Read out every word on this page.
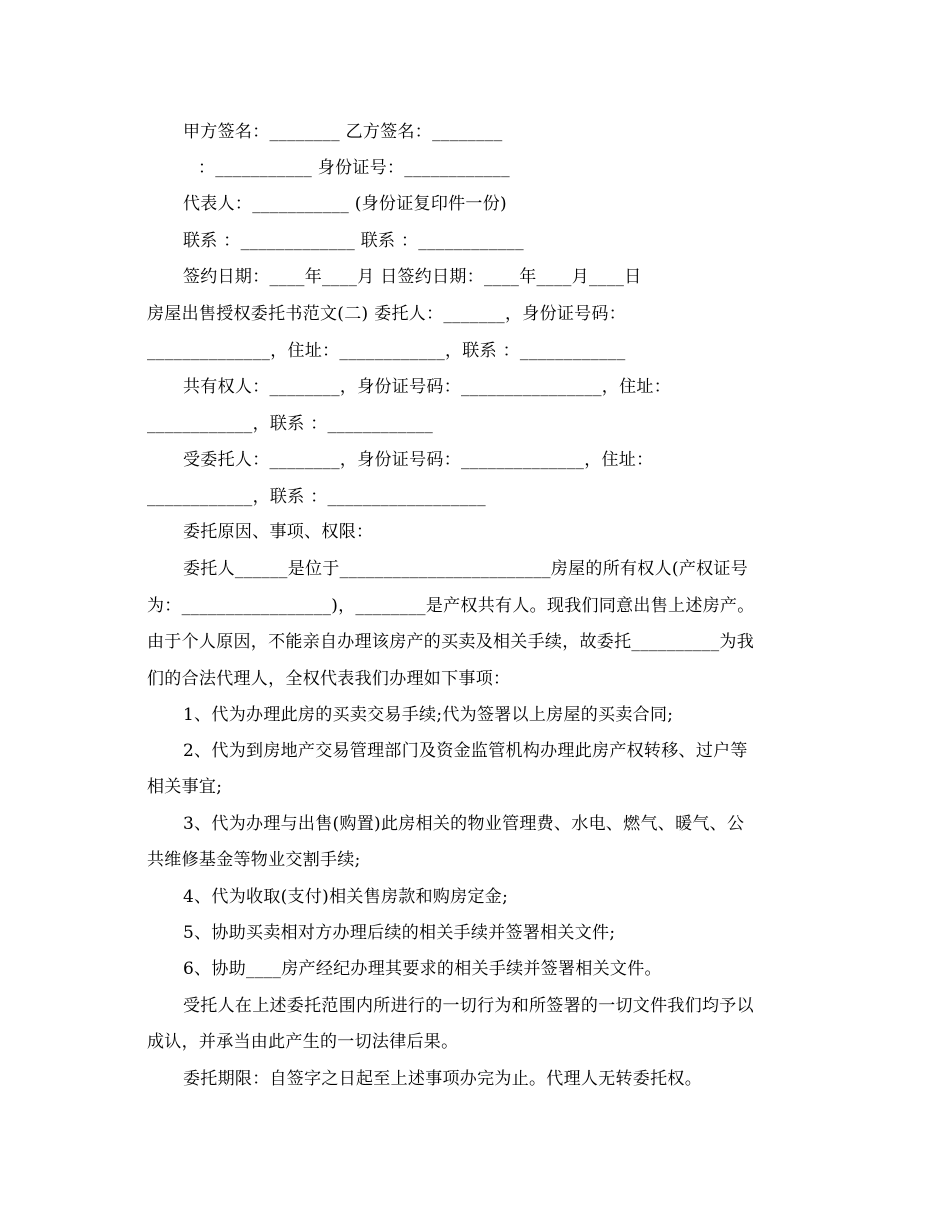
甲方签名：________ 乙方签名：________
：___________ 身份证号：____________
代表人：___________ (身份证复印件一份)
联系 ：_____________ 联系 ：____________
签约日期：____年____月 日签约日期：____年____月____日
房屋出售授权委托书范文(二) 委托人：_______，身份证号码：
______________，住址：____________，联系 ：____________
共有权人：________，身份证号码：________________，住址：
____________，联系 ：____________
受委托人：________，身份证号码：______________，住址：
____________，联系 ：__________________
委托原因、事项、权限：
委托人______是位于________________________房屋的所有权人(产权证号
为：_________________)，________是产权共有人。现我们同意出售上述房产。
由于个人原因，不能亲自办理该房产的买卖及相关手续，故委托__________为我
们的合法代理人，全权代表我们办理如下事项：
1、代为办理此房的买卖交易手续;代为签署以上房屋的买卖合同;
2、代为到房地产交易管理部门及资金监管机构办理此房产权转移、过户等
相关事宜;
3、代为办理与出售(购置)此房相关的物业管理费、水电、燃气、暖气、公
共维修基金等物业交割手续;
4、代为收取(支付)相关售房款和购房定金;
5、协助买卖相对方办理后续的相关手续并签署相关文件;
6、协助____房产经纪办理其要求的相关手续并签署相关文件。
受托人在上述委托范围内所进行的一切行为和所签署的一切文件我们均予以
成认，并承当由此产生的一切法律后果。
委托期限：自签字之日起至上述事项办完为止。代理人无转委托权。
